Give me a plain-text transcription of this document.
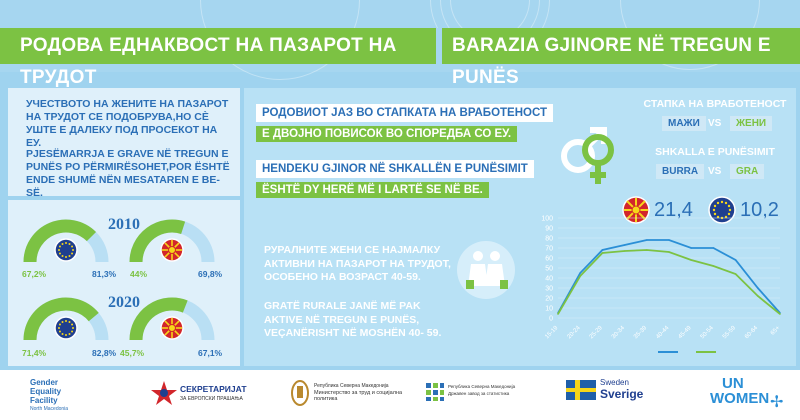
РОДОВА ЕДНАКВОСТ НА ПАЗАРОТ НА ТРУДОТ
BARAZIA GJINORE NË TREGUN E PUNËS
УЧЕСТВОТО НА ЖЕНИТЕ НА ПАЗАРОТ НА ТРУДОТ СЕ ПОДОБРУВА,НО СÈ УШТЕ Е ДАЛЕКУ ПОД ПРОСЕКОТ НА ЕУ.
PJESËMARRJA E GRAVE NË TREGUN E PUNËS PO PËRMIRËSOHET,POR ËSHTË ENDE SHUMË NËN MESATAREN E BE-SË.
2010
2020
67,2%	81,3% 44%	69,8%
71,4%	82,8% 45,7%	67,1%
РОДОВИОТ ЈАЗ ВО СТАПКАТА НА ВРАБОТЕНОСТ
Е ДВОЈНО ПОВИСОК ВО СПОРЕДБА СО ЕУ.
HENDEKU GJINOR NË SHKALLËN E PUNËSIMIT
ËSHTË DY HERË MË I LARTË SE NË BE.
СТАПКА НА ВРАБОТЕНОСТ
МАЖИ VS	ЖЕНИ
SHKALLA E PUNËSIMIT
BURRA VS	GRA
21,4 10,2
РУРАЛНИТЕ ЖЕНИ СЕ НАЈМАЛКУ АКТИВНИ НА ПАЗАРОТ НА ТРУДОТ, ОСОБЕНО НА ВОЗРАСТ 40-59.
GRATË RURALE JANË MË PAK AKTIVE NË TREGUN E PUNËS, VEÇANËRISHT NË MOSHËN 40- 59.
0
10
20
30
40
50
60
70
80
90
100
15-19 20-24 25-29 30-34 35-39 40-44 45-49 50-54 55-59 60-64 65+
Gender
Equality
Facility
North Macedonia
СЕКРЕТАРИЈАТ
ЗА ЕВРОПСКИ ПРАШАЊА
Република Северна Македонија
Министерство за труд и социјална политика
Република Северна Македонија
Државен завод за статистика
Sweden
Sverige
UN
WOMEN ✢
